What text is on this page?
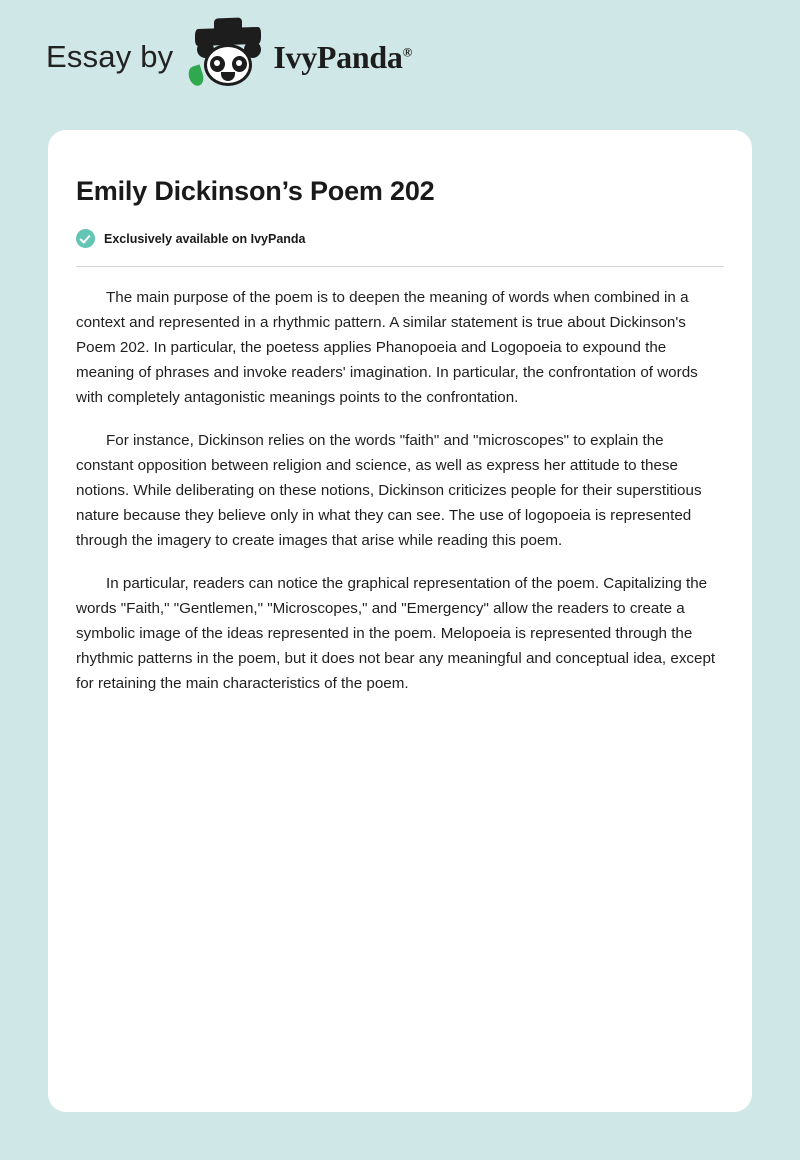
Essay by	IvyPanda®
Emily Dickinson’s Poem 202
Exclusively available on IvyPanda

The main purpose of the poem is to deepen the meaning of words when combined in a context and represented in a rhythmic pattern. A similar statement is true about Dickinson's Poem 202. In particular, the poetess applies Phanopoeia and Logopoeia to expound the meaning of phrases and invoke readers' imagination. In particular, the confrontation of words with completely antagonistic meanings points to the confrontation.

For instance, Dickinson relies on the words "faith" and "microscopes" to explain the constant opposition between religion and science, as well as express her attitude to these notions. While deliberating on these notions, Dickinson criticizes people for their superstitious nature because they believe only in what they can see. The use of logopoeia is represented through the imagery to create images that arise while reading this poem.

In particular, readers can notice the graphical representation of the poem. Capitalizing the words "Faith," "Gentlemen," "Microscopes," and "Emergency" allow the readers to create a symbolic image of the ideas represented in the poem. Melopoeia is represented through the rhythmic patterns in the poem, but it does not bear any meaningful and conceptual idea, except for retaining the main characteristics of the poem.
